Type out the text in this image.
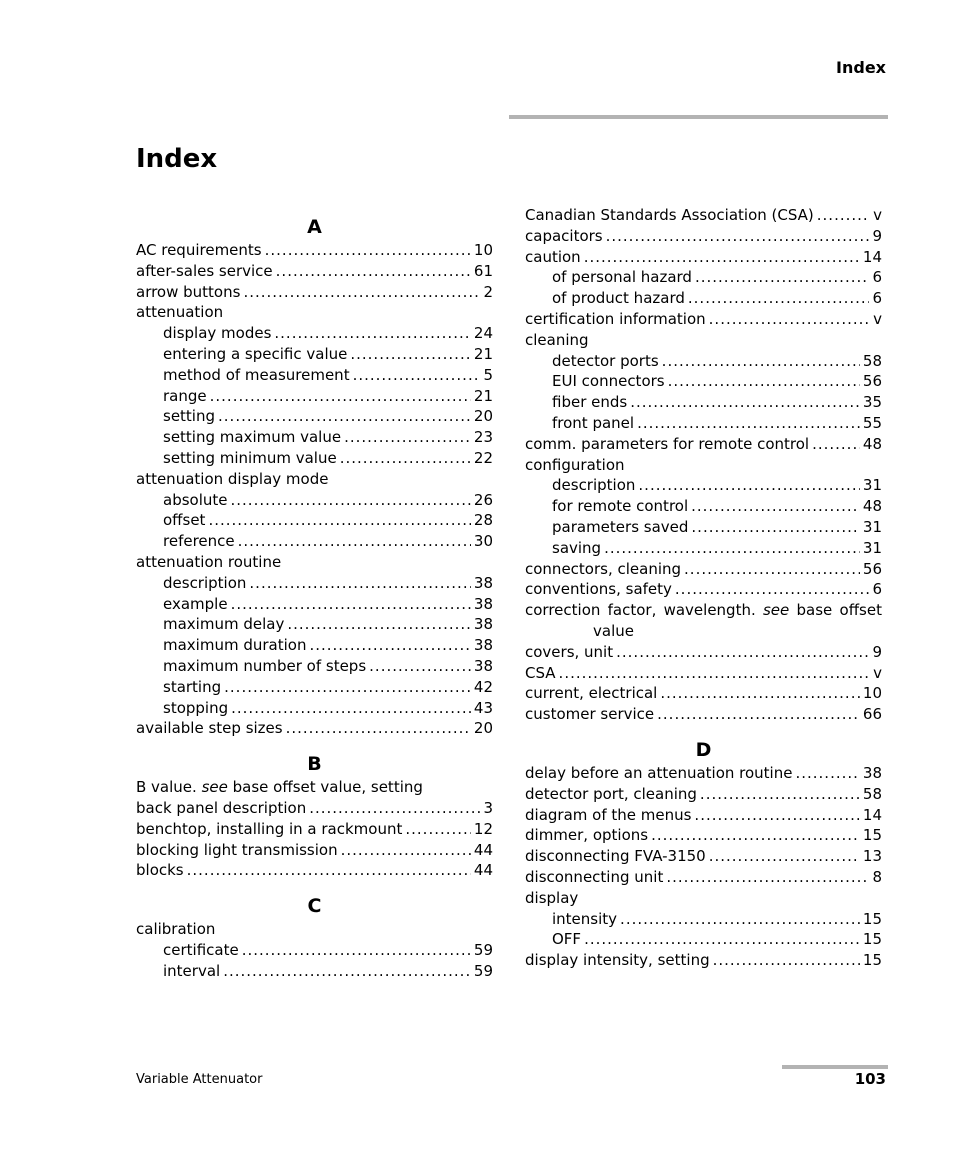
Index
Index
A
AC requirements .....	10
after-sales service .....	61
arrow buttons .....	2
attenuation
display modes .....	24
entering a specific value .....	21
method of measurement .....	5
range .....	21
setting .....	20
setting maximum value .....	23
setting minimum value .....	22
attenuation display mode
absolute .....	26
offset .....	28
reference .....	30
attenuation routine
description .....	38
example .....	38
maximum delay .....	38
maximum duration .....	38
maximum number of steps .....	38
starting .....	42
stopping .....	43
available step sizes .....	20
B
B value.
see
base offset value, setting
back panel description .....	3
benchtop, installing in a rackmount .....	12
blocking light transmission .....	44
blocks .....	44
C
calibration
certificate .....	59
interval .....	59
Canadian Standards Association (CSA) .....	v
capacitors .....	9
caution .....	14
of personal hazard .....	6
of product hazard .....	6
certification information .....	v
cleaning
detector ports .....	58
EUI connectors .....	56
fiber ends .....	35
front panel .....	55
comm. parameters for remote control .....	48
configuration
description .....	31
for remote control .....	48
parameters saved .....	31
saving .....	31
connectors, cleaning .....	56
conventions, safety .....	6
correction factor, wavelength. see base offset
value
covers, unit .....	9
CSA .....	v
current, electrical .....	10
customer service .....	66
D
delay before an attenuation routine .....	38
detector port, cleaning .....	58
diagram of the menus .....	14
dimmer, options .....	15
disconnecting FVA-3150 .....	13
disconnecting unit .....	8
display
intensity .....	15
OFF .....	15
display intensity, setting .....	15
Variable Attenuator	103
